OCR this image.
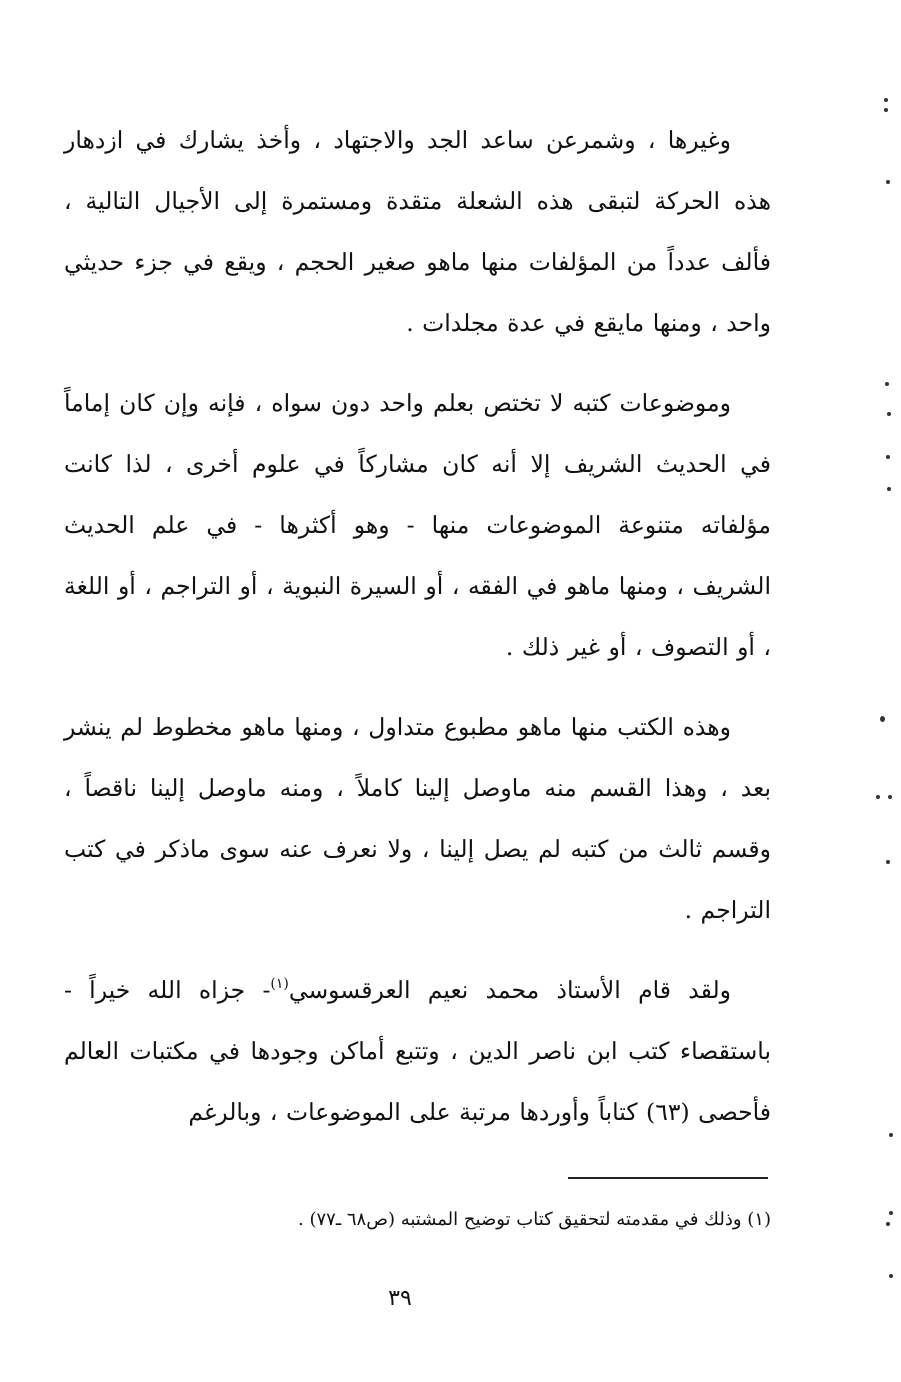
وغيرها ، وشمرعن ساعد الجد والاجتهاد ، وأخذ يشارك في ازدهار هذه الحركة لتبقى هذه الشعلة متقدة ومستمرة إلى الأجيال التالية ، فألف عدداً من المؤلفات منها ماهو صغير الحجم ، ويقع في جزء حديثي واحد ، ومنها مايقع في عدة مجلدات .

وموضوعات كتبه لا تختص بعلم واحد دون سواه ، فإنه وإن كان إماماً في الحديث الشريف إلا أنه كان مشاركاً في علوم أخرى ، لذا كانت مؤلفاته متنوعة الموضوعات منها - وهو أكثرها - في علم الحديث الشريف ، ومنها ماهو في الفقه ، أو السيرة النبوية ، أو التراجم ، أو اللغة ، أو التصوف ، أو غير ذلك .

وهذه الكتب منها ماهو مطبوع متداول ، ومنها ماهو مخطوط لم ينشر بعد ، وهذا القسم منه ماوصل إلينا كاملاً ، ومنه ماوصل إلينا ناقصاً ، وقسم ثالث من كتبه لم يصل إلينا ، ولا نعرف عنه سوى ماذكر في كتب التراجم .

ولقد قام الأستاذ محمد نعيم العرقسوسي$^{(١)}$- جزاه الله خيراً - باستقصاء كتب ابن ناصر الدين ، وتتبع أماكن وجودها في مكتبات العالم فأحصى (٦٣) كتاباً وأوردها مرتبة على الموضوعات ، وبالرغم

(١) وذلك في مقدمته لتحقيق كتاب توضيح المشتبه (ص٦٨ ـ٧٧) .

٣٩
